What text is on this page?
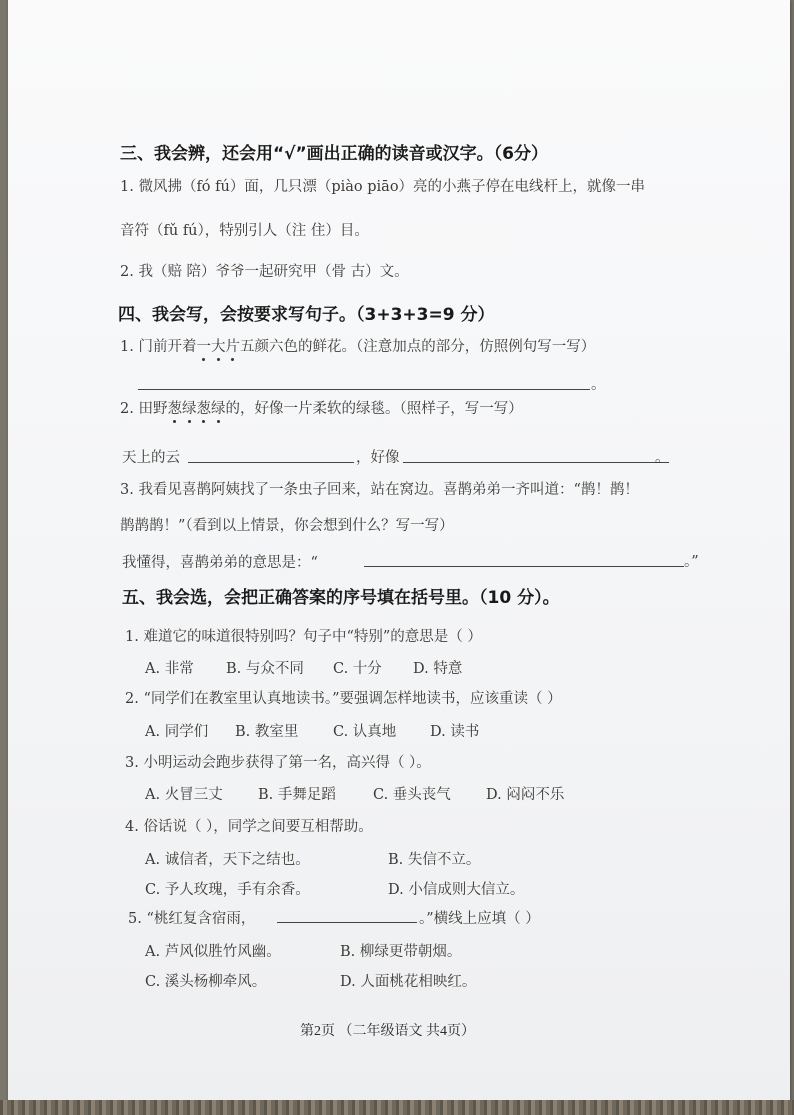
三、我会辨，还会用“√”画出正确的读音或汉字。（6分）
1. 微风拂（fó fú）面，几只漂（piào piāo）亮的小燕子停在电线杆上，就像一串
音符（fǔ fú），特别引人（注 住）目。
2. 我（赔 陪）爷爷一起研究甲（骨 古）文。
四、我会写，会按要求写句子。（3+3+3=9 分）
1. 门前开着一大片五颜六色的鲜花。（注意加点的部分，仿照例句写一写）
。
2. 田野葱绿葱绿的，好像一片柔软的绿毯。（照样子，写一写）
天上的云	，好像	。
3. 我看见喜鹊阿姨找了一条虫子回来，站在窝边。喜鹊弟弟一齐叫道：“鹊！鹊！
鹊鹊鹊！”（看到以上情景，你会想到什么？写一写）
我懂得，喜鹊弟弟的意思是：“	。”
五、我会选，会把正确答案的序号填在括号里。（10 分）。
1. 难道它的味道很特别吗？句子中“特别”的意思是（ ）
A. 非常 B. 与众不同 C. 十分 D. 特意
2. “同学们在教室里认真地读书。”要强调怎样地读书，应该重读（ ）
A. 同学们 B. 教室里 C. 认真地 D. 读书
3. 小明运动会跑步获得了第一名，高兴得（ ）。
A. 火冒三丈 B. 手舞足蹈	C. 垂头丧气 D. 闷闷不乐
4. 俗话说（ ），同学之间要互相帮助。
A. 诚信者，天下之结也。	B. 失信不立。
C. 予人玫瑰，手有余香。	D. 小信成则大信立。
5. “桃红复含宿雨，	。”横线上应填（ ）
A. 芦风似胜竹风幽。	B. 柳绿更带朝烟。
C. 溪头杨柳牵风。	D. 人面桃花相映红。
第2页 （二年级语文 共4页）
